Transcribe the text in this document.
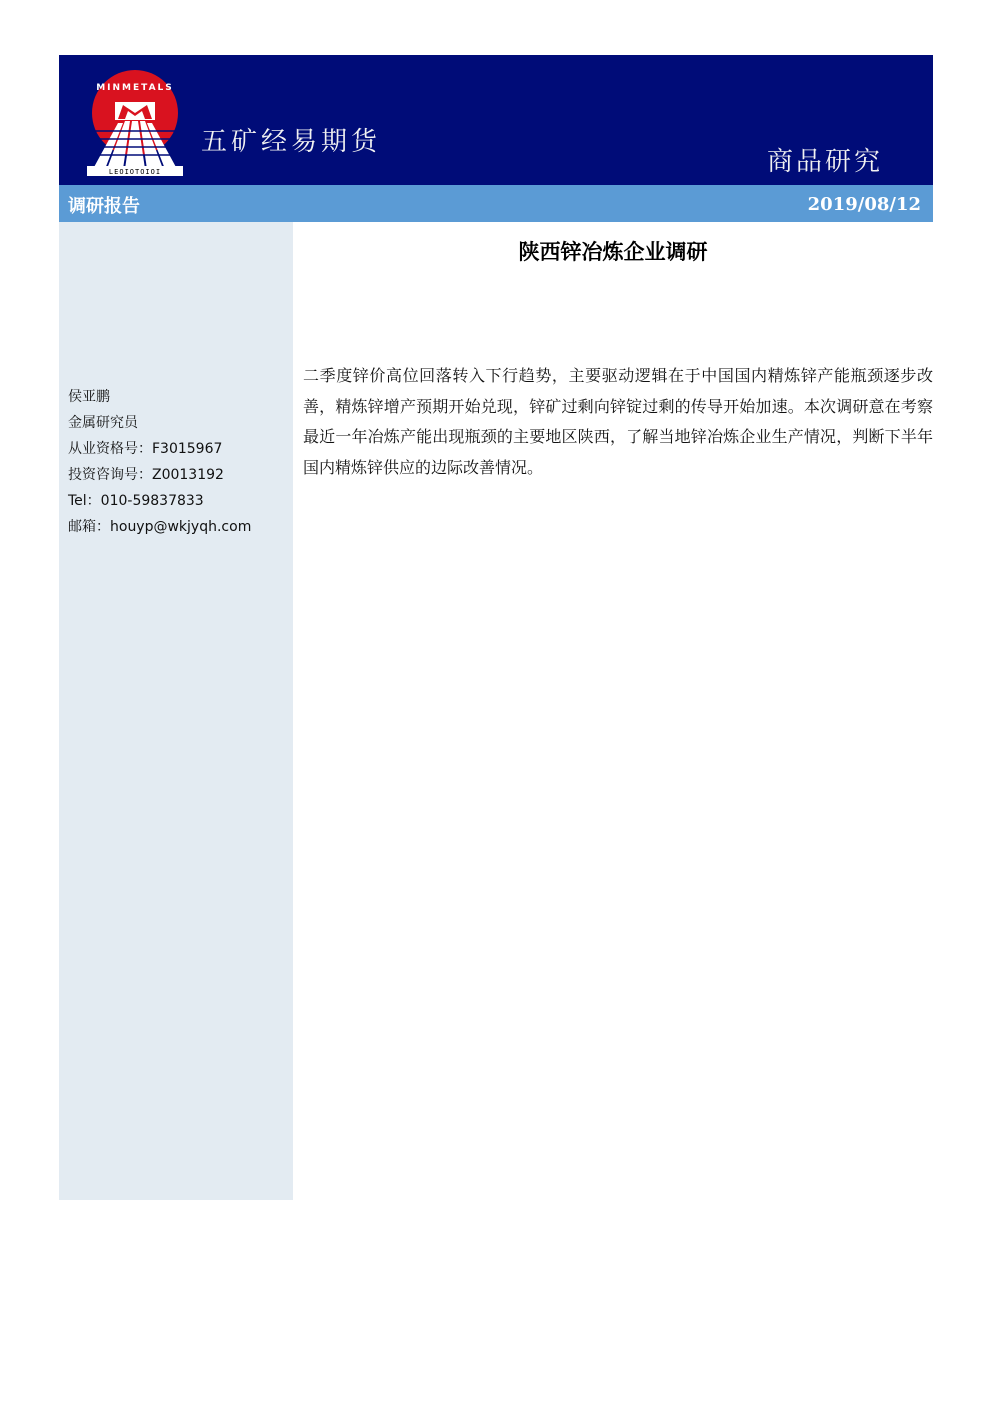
MINMETALS
LEOIOTOIOI
五矿经易期货
商品研究
调研报告	2019/08/12
侯亚鹏
金属研究员
从业资格号：F3015967
投资咨询号：Z0013192
Tel：010-59837833
邮箱：houyp@wkjyqh.com
陕西锌冶炼企业调研
二季度锌价高位回落转入下行趋势，主要驱动逻辑在于中国国内精炼锌产能瓶颈逐步改善，精炼锌增产预期开始兑现，锌矿过剩向锌锭过剩的传导开始加速。本次调研意在考察最近一年冶炼产能出现瓶颈的主要地区陕西，了解当地锌冶炼企业生产情况，判断下半年国内精炼锌供应的边际改善情况。
